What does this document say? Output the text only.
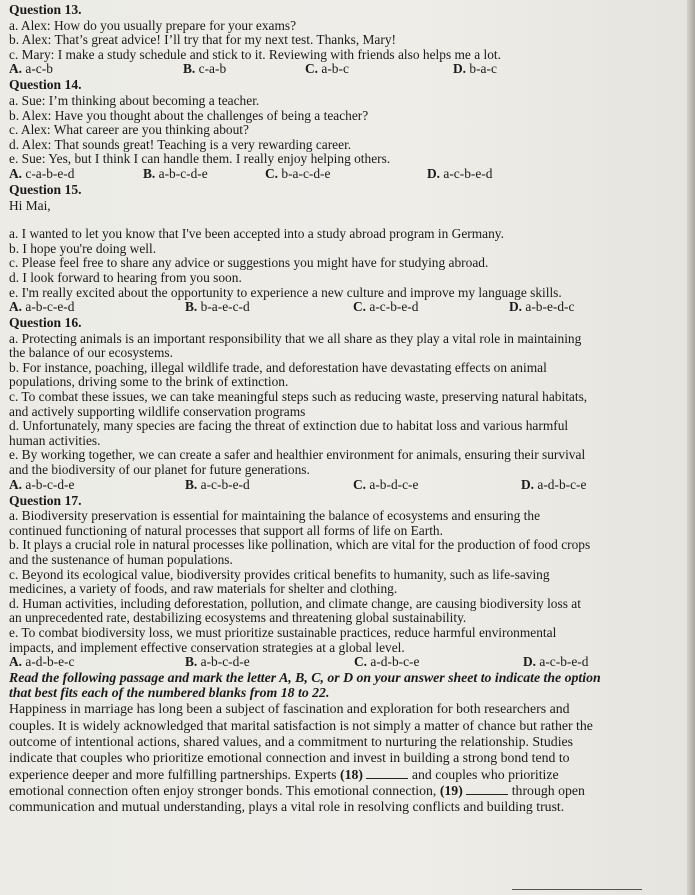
Question 13.
a. Alex: How do you usually prepare for your exams?
b. Alex: That’s great advice! I’ll try that for my next test. Thanks, Mary!
c. Mary: I make a study schedule and stick to it. Reviewing with friends also helps me a lot.
A. a-c-b	B. c-a-b	C. a-b-c	D. b-a-c
Question 14.
a. Sue: I’m thinking about becoming a teacher.
b. Alex: Have you thought about the challenges of being a teacher?
c. Alex: What career are you thinking about?
d. Alex: That sounds great! Teaching is a very rewarding career.
e. Sue: Yes, but I think I can handle them. I really enjoy helping others.
A. c-a-b-e-d	B. a-b-c-d-e	C. b-a-c-d-e	D. a-c-b-e-d
Question 15.
Hi Mai,
a. I wanted to let you know that I've been accepted into a study abroad program in Germany.
b. I hope you're doing well.
c. Please feel free to share any advice or suggestions you might have for studying abroad.
d. I look forward to hearing from you soon.
e. I'm really excited about the opportunity to experience a new culture and improve my language skills.
A. a-b-c-e-d	B. b-a-e-c-d	C. a-c-b-e-d	D. a-b-e-d-c
Question 16.
a. Protecting animals is an important responsibility that we all share as they play a vital role in maintaining
the balance of our ecosystems.
b. For instance, poaching, illegal wildlife trade, and deforestation have devastating effects on animal
populations, driving some to the brink of extinction.
c. To combat these issues, we can take meaningful steps such as reducing waste, preserving natural habitats,
and actively supporting wildlife conservation programs
d. Unfortunately, many species are facing the threat of extinction due to habitat loss and various harmful
human activities.
e. By working together, we can create a safer and healthier environment for animals, ensuring their survival
and the biodiversity of our planet for future generations.
A. a-b-c-d-e	B. a-c-b-e-d	C. a-b-d-c-e	D. a-d-b-c-e
Question 17.
a. Biodiversity preservation is essential for maintaining the balance of ecosystems and ensuring the
continued functioning of natural processes that support all forms of life on Earth.
b. It plays a crucial role in natural processes like pollination, which are vital for the production of food crops
and the sustenance of human populations.
c. Beyond its ecological value, biodiversity provides critical benefits to humanity, such as life-saving
medicines, a variety of foods, and raw materials for shelter and clothing.
d. Human activities, including deforestation, pollution, and climate change, are causing biodiversity loss at
an unprecedented rate, destabilizing ecosystems and threatening global sustainability.
e. To combat biodiversity loss, we must prioritize sustainable practices, reduce harmful environmental
impacts, and implement effective conservation strategies at a global level.
A. a-d-b-e-c	B. a-b-c-d-e	C. a-d-b-c-e	D. a-c-b-e-d
Read the following passage and mark the letter A, B, C, or D on your answer sheet to indicate the option
that best fits each of the numbered blanks from 18 to 22.
Happiness in marriage has long been a subject of fascination and exploration for both researchers and
couples. It is widely acknowledged that marital satisfaction is not simply a matter of chance but rather the
outcome of intentional actions, shared values, and a commitment to nurturing the relationship. Studies
indicate that couples who prioritize emotional connection and invest in building a strong bond tend to
experience deeper and more fulfilling partnerships. Experts (18)	and couples who prioritize
emotional connection often enjoy stronger bonds. This emotional connection, (19)	through open
communication and mutual understanding, plays a vital role in resolving conflicts and building trust.
